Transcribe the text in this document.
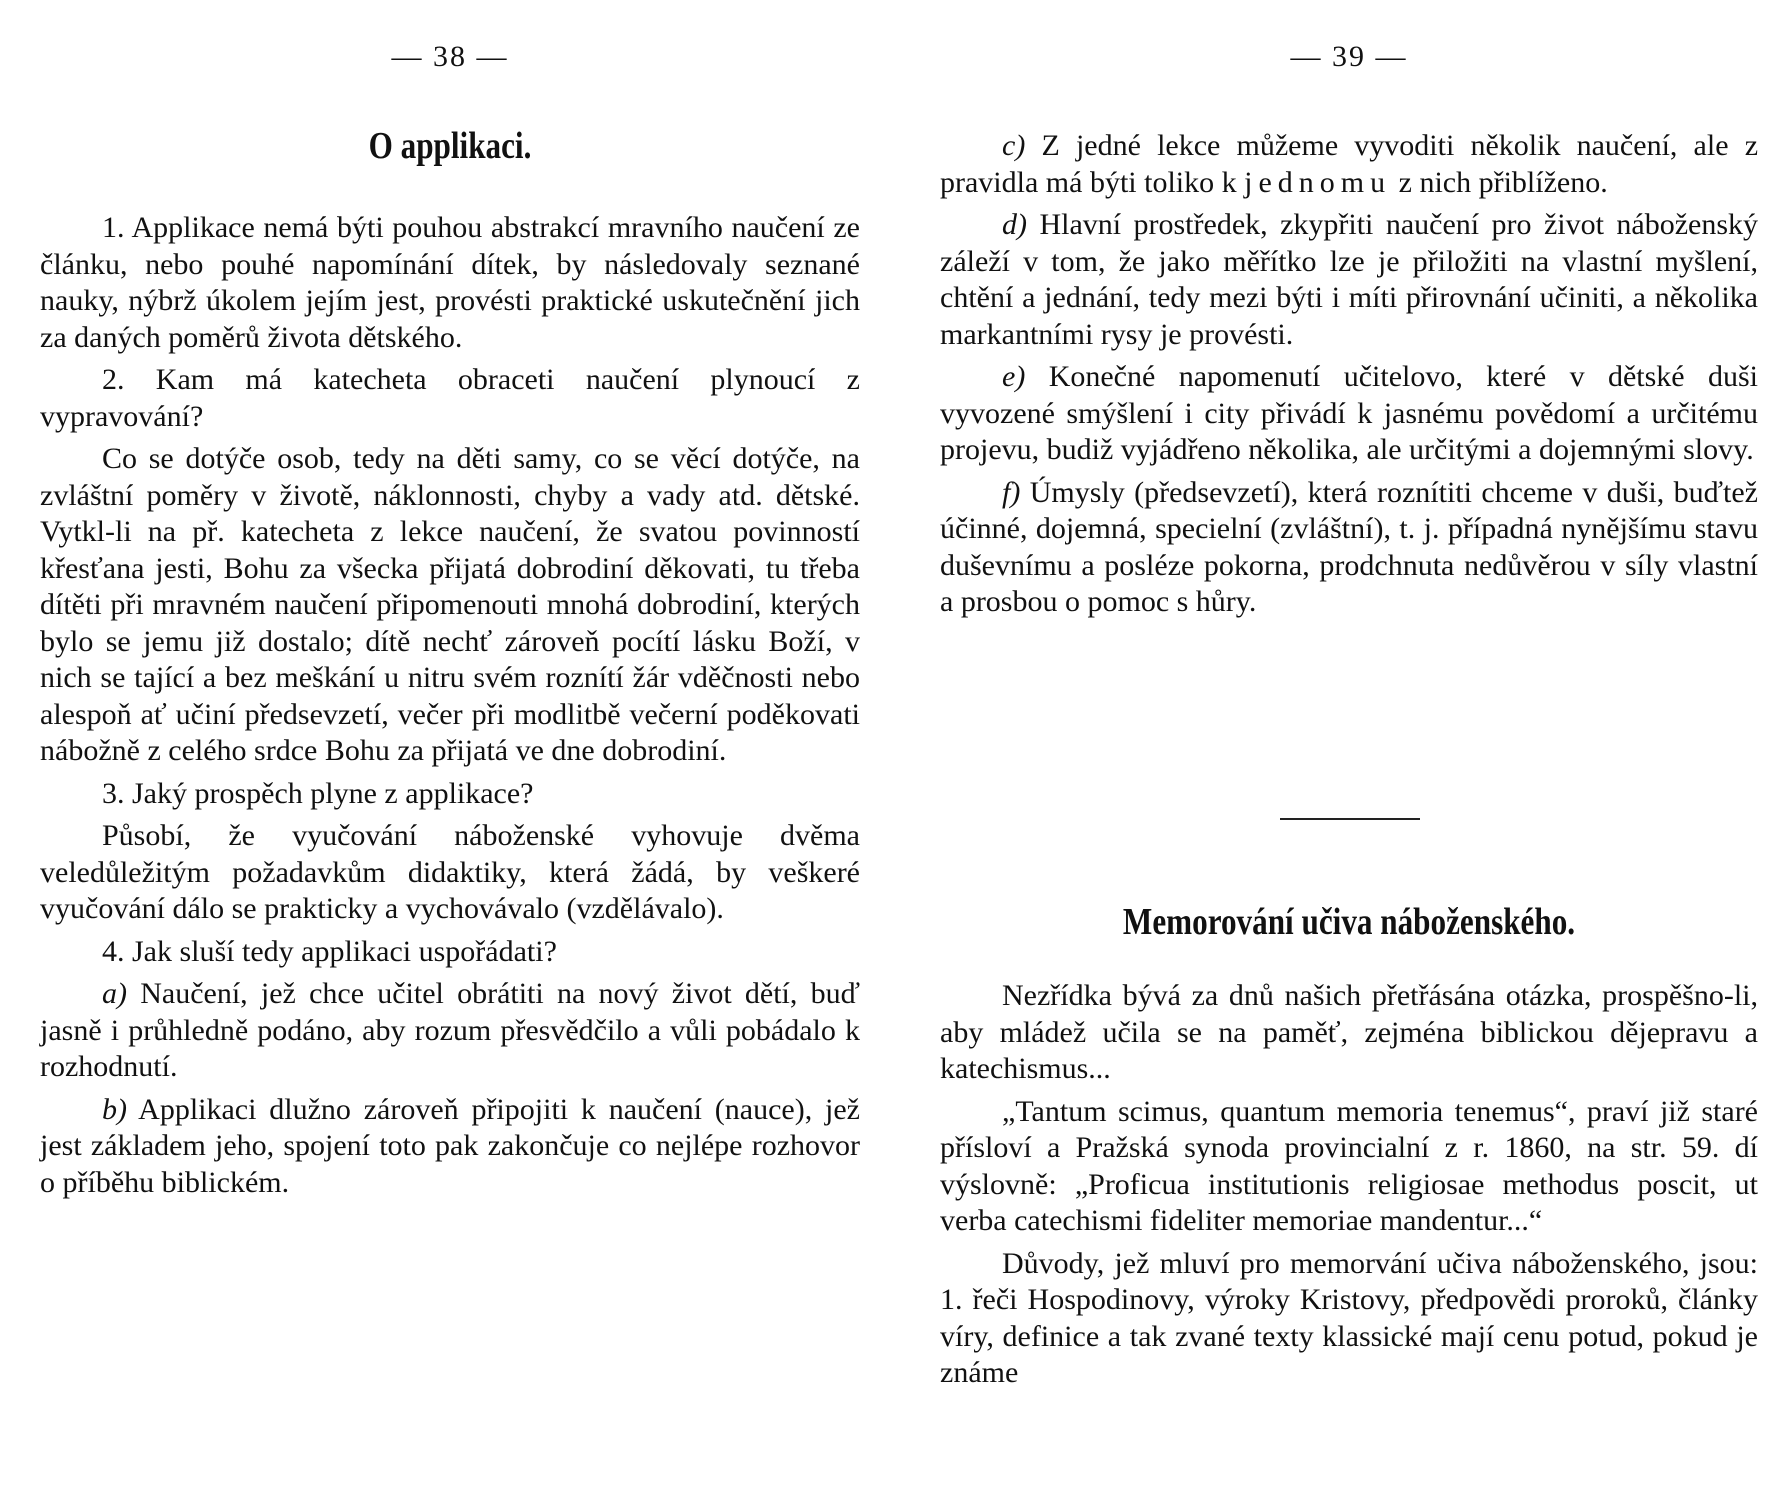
— 38 —
O applikaci.

1. Applikace nemá býti pouhou abstrakcí mravního naučení ze článku, nebo pouhé napomínání dítek, by následovaly seznané nauky, nýbrž úkolem jejím jest, provésti praktické uskutečnění jich za daných poměrů života dětského.

2. Kam má katecheta obraceti naučení plynoucí z vypravování?

Co se dotýče osob, tedy na děti samy, co se věcí dotýče, na zvláštní poměry v životě, náklonnosti, chyby a vady atd. dětské. Vytkl-li na př. katecheta z lekce naučení, že svatou povinností křesťana jesti, Bohu za všecka přijatá dobrodiní děkovati, tu třeba dítěti při mravném naučení připomenouti mnohá dobrodiní, kterých bylo se jemu již dostalo; dítě nechť zároveň pocítí lásku Boží, v nich se tající a bez meškání u nitru svém roznítí žár vděčnosti nebo alespoň ať učiní předsevzetí, večer při modlitbě večerní poděkovati nábožně z celého srdce Bohu za přijatá ve dne dobrodiní.

3. Jaký prospěch plyne z applikace?

Působí, že vyučování náboženské vyhovuje dvěma veledůležitým požadavkům didaktiky, která žádá, by veškeré vyučování dálo se prakticky a vychovávalo (vzdělávalo).

4. Jak sluší tedy applikaci uspořádati?

a) Naučení, jež chce učitel obrátiti na nový život dětí, buď jasně i průhledně podáno, aby rozum přesvědčilo a vůli pobádalo k rozhodnutí.

b) Applikaci dlužno zároveň připojiti k naučení (nauce), jež jest základem jeho, spojení toto pak zakončuje co nejlépe rozhovor o příběhu biblickém.

— 39 —

c) Z jedné lekce můžeme vyvoditi několik naučení, ale z pravidla má býti toliko k jednomu z nich přiblíženo.

d) Hlavní prostředek, zkypřiti naučení pro život náboženský záleží v tom, že jako měřítko lze je přiložiti na vlastní myšlení, chtění a jednání, tedy mezi býti i míti přirovnání učiniti, a několika markantními rysy je provésti.

e) Konečné napomenutí učitelovo, které v dětské duši vyvozené smýšlení i city přivádí k jasnému povědomí a určitému projevu, budiž vyjádřeno několika, ale určitými a dojemnými slovy.

f) Úmysly (předsevzetí), která roznítiti chceme v duši, buďtež účinné, dojemná, specielní (zvláštní), t. j. případná nynějšímu stavu duševnímu a posléze pokorna, prodchnuta nedůvěrou v síly vlastní a prosbou o pomoc s hůry.

Memorování učiva náboženského.

Nezřídka bývá za dnů našich přetřásána otázka, prospěšno-li, aby mládež učila se na paměť, zejména biblickou dějepravu a katechismus...

„Tantum scimus, quantum memoria tenemus“, praví již staré přísloví a Pražská synoda provincialní z r. 1860, na str. 59. dí výslovně: „Proficua institutionis religiosae methodus poscit, ut verba catechismi fideliter memoriae mandentur...“

Důvody, jež mluví pro memorvání učiva náboženského, jsou: 1. řeči Hospodinovy, výroky Kristovy, předpovědi proroků, články víry, definice a tak zvané texty klassické mají cenu potud, pokud je známe
